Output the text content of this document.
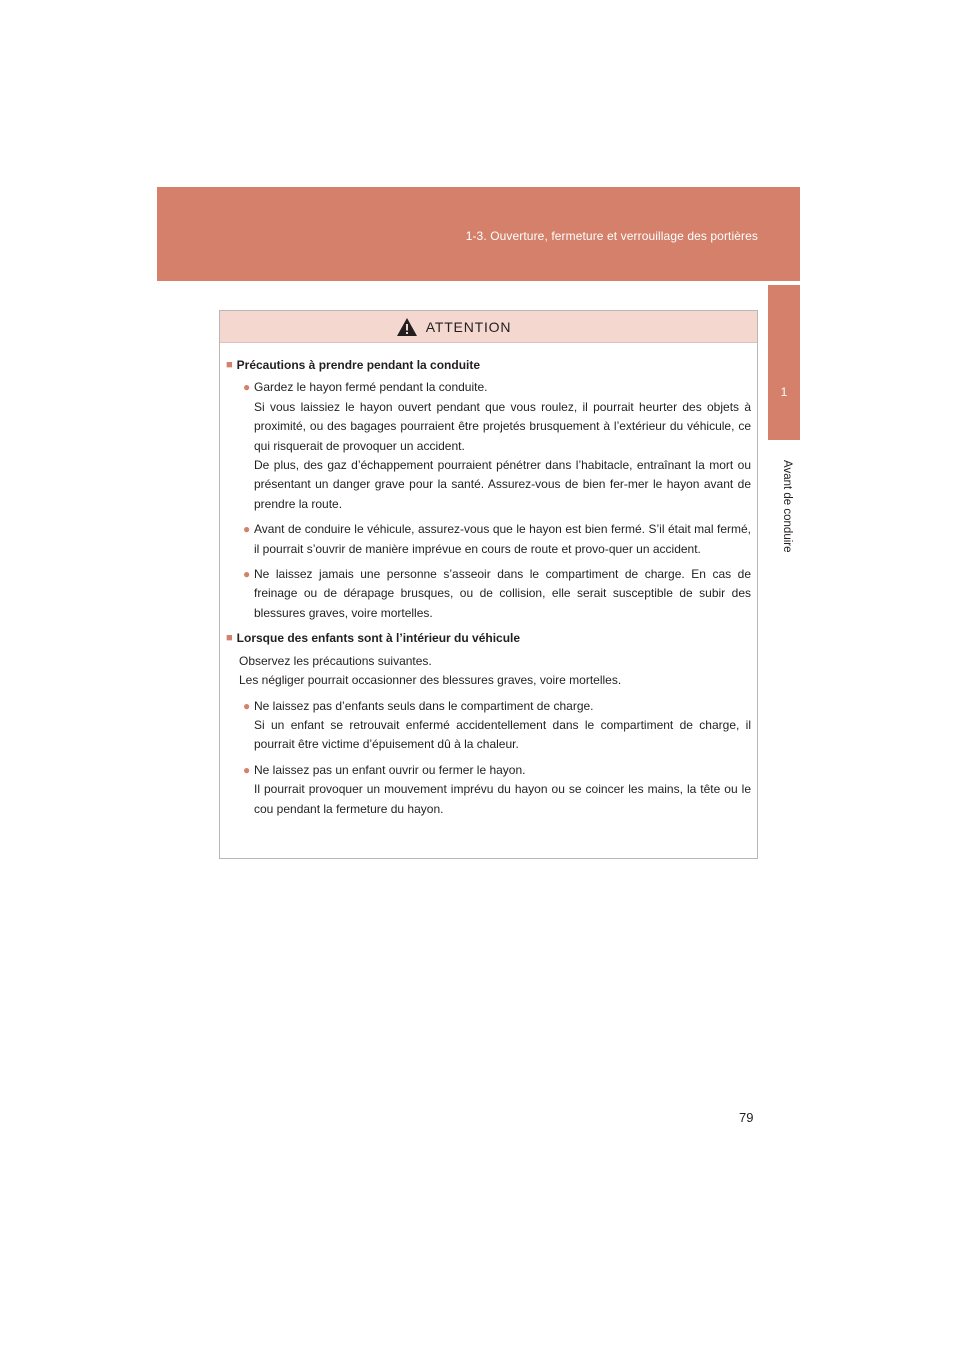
1-3. Ouverture, fermeture et verrouillage des portières
1
Avant de conduire
ATTENTION
■ Précautions à prendre pendant la conduite
● Gardez le hayon fermé pendant la conduite.

Si vous laissiez le hayon ouvert pendant que vous roulez, il pourrait heurter des objets à proximité, ou des bagages pourraient être projetés brusquement à l’extérieur du véhicule, ce qui risquerait de provoquer un accident.

De plus, des gaz d’échappement pourraient pénétrer dans l’habitacle, entraînant la mort ou présentant un danger grave pour la santé. Assurez-vous de bien fer-mer le hayon avant de prendre la route.

● Avant de conduire le véhicule, assurez-vous que le hayon est bien fermé. S’il était mal fermé, il pourrait s’ouvrir de manière imprévue en cours de route et provo-quer un accident.

● Ne laissez jamais une personne s’asseoir dans le compartiment de charge. En cas de freinage ou de dérapage brusques, ou de collision, elle serait susceptible de subir des blessures graves, voire mortelles.

■ Lorsque des enfants sont à l’intérieur du véhicule

Observez les précautions suivantes.

Les négliger pourrait occasionner des blessures graves, voire mortelles.

● Ne laissez pas d’enfants seuls dans le compartiment de charge.

Si un enfant se retrouvait enfermé accidentellement dans le compartiment de charge, il pourrait être victime d’épuisement dû à la chaleur.

● Ne laissez pas un enfant ouvrir ou fermer le hayon.

Il pourrait provoquer un mouvement imprévu du hayon ou se coincer les mains, la tête ou le cou pendant la fermeture du hayon.

79
